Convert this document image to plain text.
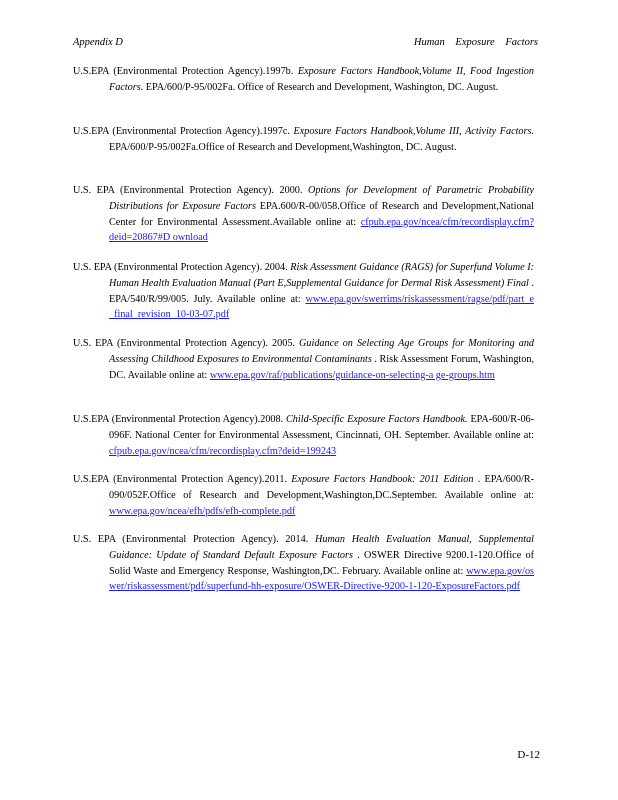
Appendix D	Human Exposure Factors
U.S.EPA (Environmental Protection Agency).1997b. Exposure Factors Handbook,Volume II, Food Ingestion Factors. EPA/600/P-95/002Fa. Office of Research and Development, Washington, DC. August.
U.S.EPA (Environmental Protection Agency).1997c. Exposure Factors Handbook,Volume III, Activity Factors. EPA/600/P-95/002Fa.Office of Research and Development,Washington, DC. August.
U.S. EPA (Environmental Protection Agency). 2000. Options for Development of Parametric Probability Distributions for Exposure Factors EPA.600/R-00/058.Office of Research and Development,National Center for Environmental Assessment.Available online at: cfpub.epa.gov/ncea/cfm/recordisplay.cfm?deid=20867#D ownload
U.S. EPA (Environmental Protection Agency). 2004. Risk Assessment Guidance (RAGS) for Superfund Volume I: Human Health Evaluation Manual (Part E,Supplemental Guidance for Dermal Risk Assessment) Final . EPA/540/R/99/005. July. Available online at: www.epa.gov/swerrims/riskassessment/ragse/pdf/part_e _final_revision_10-03-07.pdf
U.S. EPA (Environmental Protection Agency). 2005. Guidance on Selecting Age Groups for Monitoring and Assessing Childhood Exposures to Environmental Contaminants . Risk Assessment Forum, Washington, DC. Available online at: www.epa.gov/raf/publications/guidance-on-selecting-a ge-groups.htm
U.S.EPA (Environmental Protection Agency).2008. Child-Specific Exposure Factors Handbook. EPA-600/R-06-096F. National Center for Environmental Assessment, Cincinnati, OH. September. Available online at: cfpub.epa.gov/ncea/cfm/recordisplay.cfm?deid=199243
U.S.EPA (Environmental Protection Agency).2011. Exposure Factors Handbook: 2011 Edition . EPA/600/R-090/052F.Office of Research and Development,Washington,DC.September. Available online at: www.epa.gov/ncea/efh/pdfs/efh-complete.pdf
U.S. EPA (Environmental Protection Agency). 2014. Human Health Evaluation Manual, Supplemental Guidance: Update of Standard Default Exposure Factors . OSWER Directive 9200.1-120.Office of Solid Waste and Emergency Response, Washington,DC. February. Available online at: www.epa.gov/oswer/riskassessment/pdf/superfund-hh-exposure/OSWER-Directive-9200-1-120-ExposureFactors.pdf
D-12
